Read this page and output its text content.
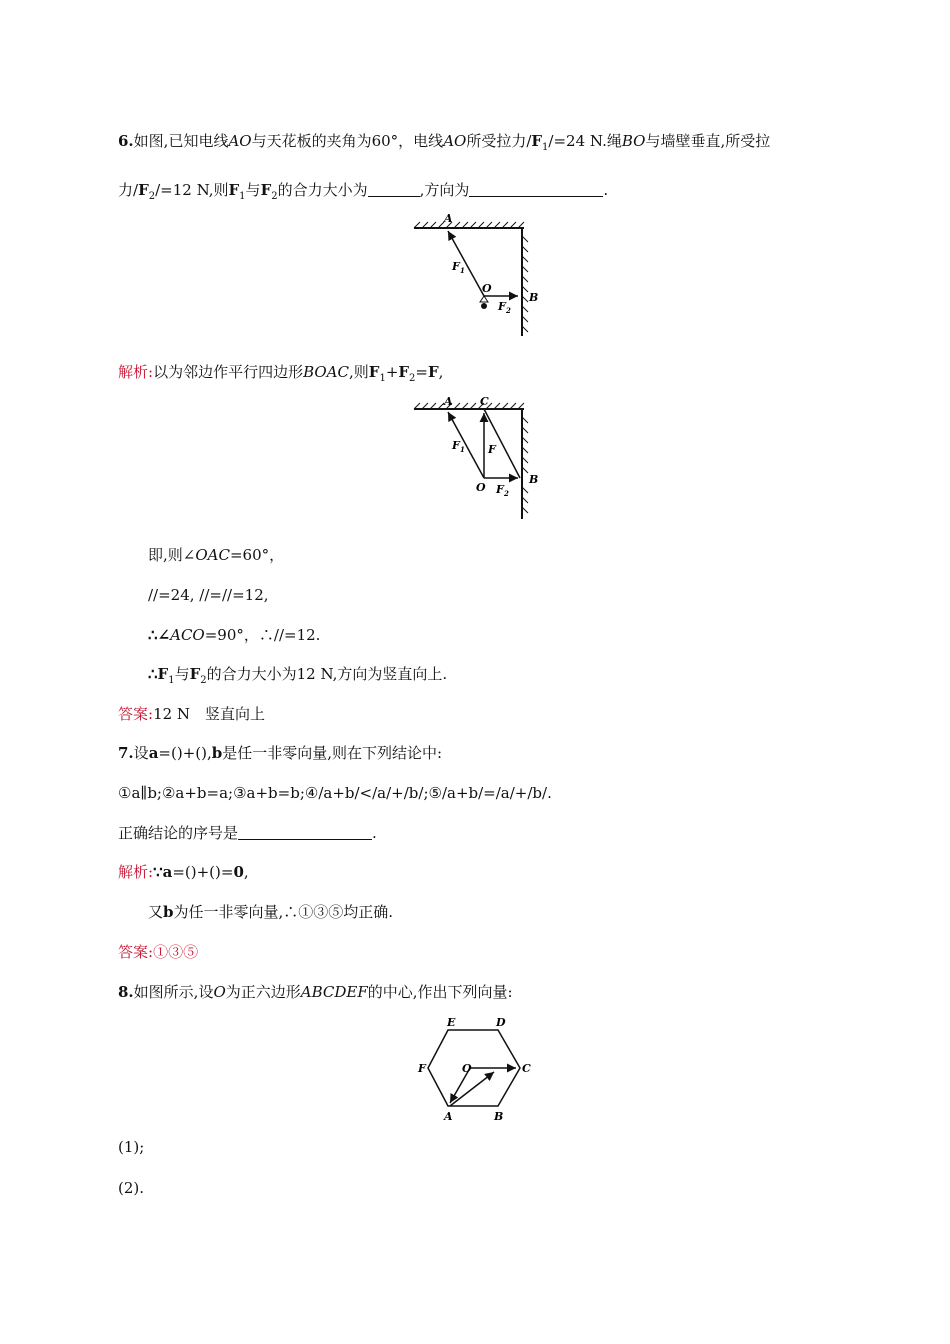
6.如图,已知电线AO与天花板的夹角为60°，电线AO所受拉力$/F_1/=24$ N.绳BO与墙壁垂直,所受拉
力$/F_2/=12$ N,则$F_1$与$F_2$的合力大小为	,方向为	.
A
O
B
F 1
F 2
解析:以为邻边作平行四边形BOAC,则$F_1+F_2=F$,
A C
O
B
F 1 F
F 2
即,则∠OAC=60°，
//=24, //=//=12,
∴∠ACO=90°，∴//=12.
$\therefore F_1$与$F_2$的合力大小为12 N,方向为竖直向上.
答案:12 N　竖直向上
7.设a=()+(),b是任一非零向量,则在下列结论中:
①a∥b;②a+b=a;③a+b=b;④/a+b/</a/+/b/;⑤/a+b/=/a/+/b/.
正确结论的序号是	.
解析:∵a=()+()=0,
又b为任一非零向量,∴①③⑤均正确.
答案:①③⑤
8.如图所示,设O为正六边形ABCDEF的中心,作出下列向量:
A	B
C
D
E
F	O
(1);
(2).
